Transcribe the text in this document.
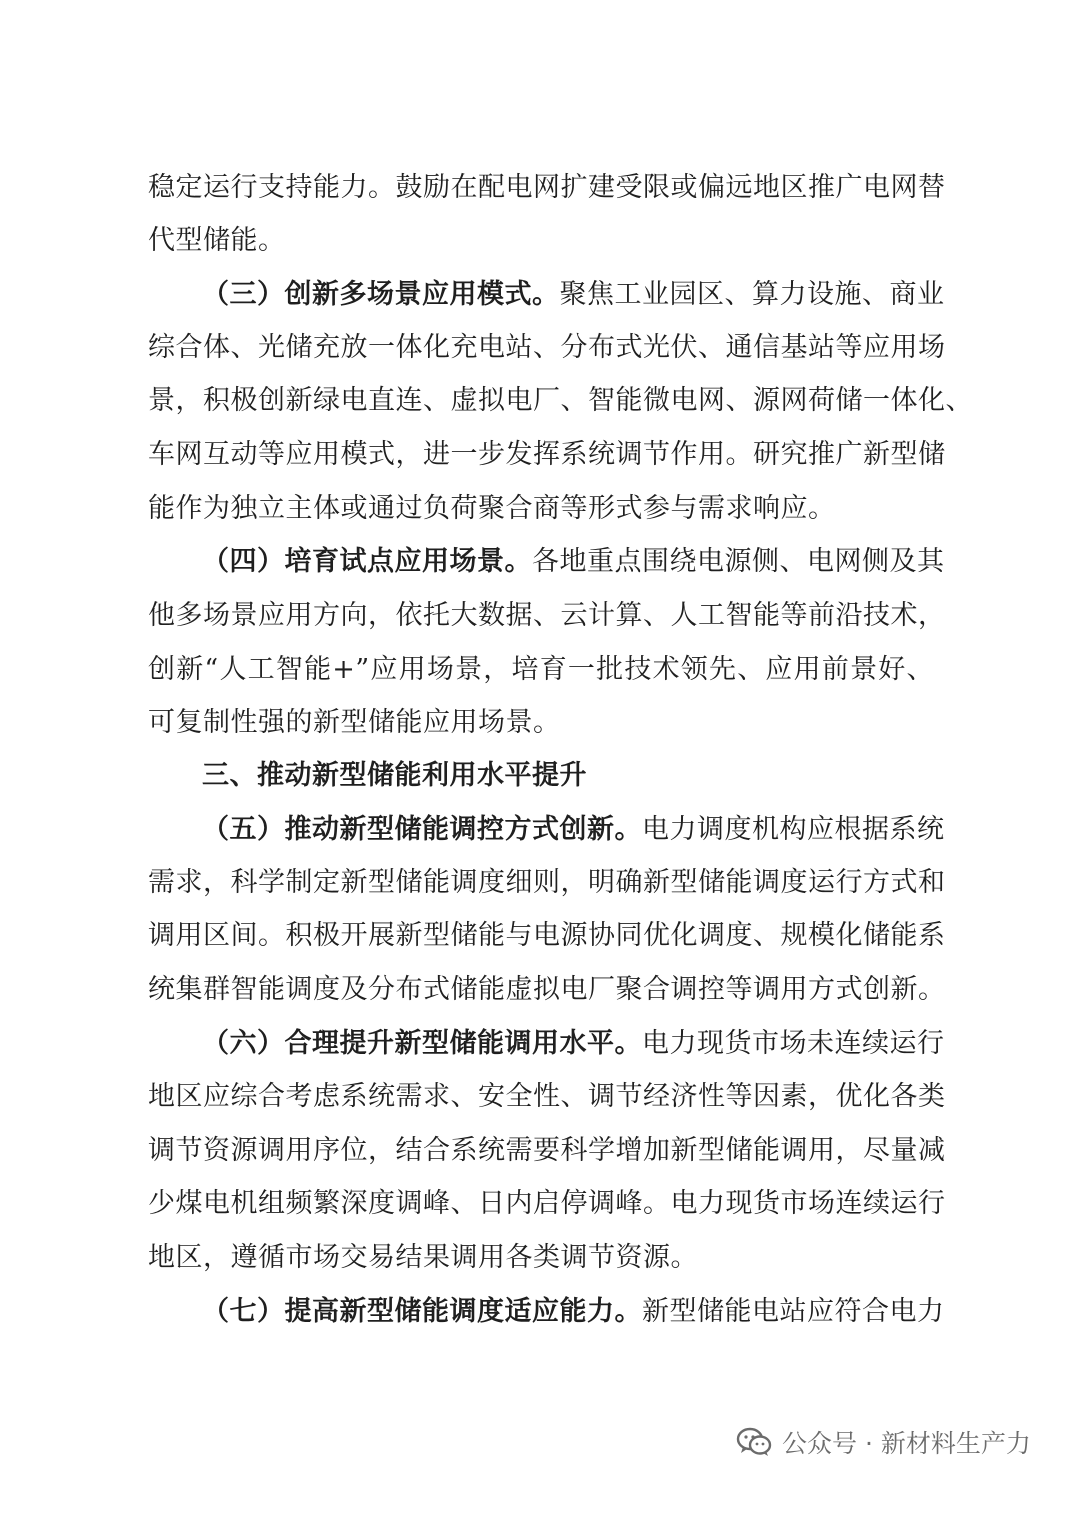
稳定运行支持能力。鼓励在配电网扩建受限或偏远地区推广电网替
代型储能。
（三）创新多场景应用模式。聚焦工业园区、算力设施、商业
综合体、光储充放一体化充电站、分布式光伏、通信基站等应用场
景，积极创新绿电直连、虚拟电厂、智能微电网、源网荷储一体化、
车网互动等应用模式，进一步发挥系统调节作用。研究推广新型储
能作为独立主体或通过负荷聚合商等形式参与需求响应。
（四）培育试点应用场景。各地重点围绕电源侧、电网侧及其
他多场景应用方向，依托大数据、云计算、人工智能等前沿技术，
创新“人工智能+”应用场景，培育一批技术领先、应用前景好、
可复制性强的新型储能应用场景。
三、推动新型储能利用水平提升
（五）推动新型储能调控方式创新。电力调度机构应根据系统
需求，科学制定新型储能调度细则，明确新型储能调度运行方式和
调用区间。积极开展新型储能与电源协同优化调度、规模化储能系
统集群智能调度及分布式储能虚拟电厂聚合调控等调用方式创新。
（六）合理提升新型储能调用水平。电力现货市场未连续运行
地区应综合考虑系统需求、安全性、调节经济性等因素，优化各类
调节资源调用序位，结合系统需要科学增加新型储能调用，尽量减
少煤电机组频繁深度调峰、日内启停调峰。电力现货市场连续运行
地区，遵循市场交易结果调用各类调节资源。
（七）提高新型储能调度适应能力。新型储能电站应符合电力
公众号 · 新材料生产力
